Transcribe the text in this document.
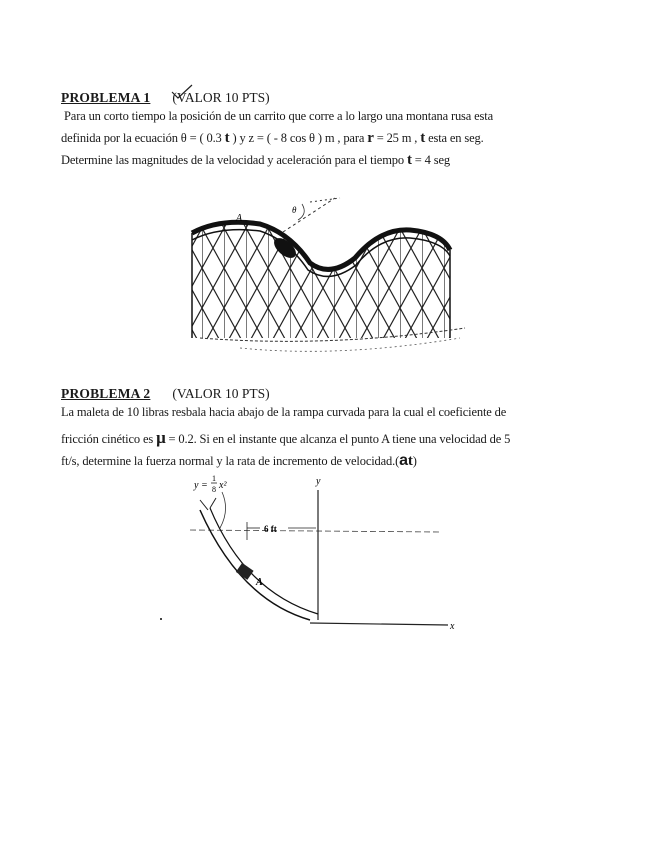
PROBLEMA 1 (VALOR 10 PTS)
Para un corto tiempo la posición de un carrito que corre a lo largo una montana rusa esta
definida por la ecuación θ = ( 0.3 t ) y z = ( - 8 cos θ ) m , para r = 25 m , t esta en seg.
Determine las magnitudes de la velocidad y aceleración para el tiempo t = 4 seg
A
θ
PROBLEMA 2 (VALOR 10 PTS)
La maleta de 10 libras resbala hacia abajo de la rampa curvada para la cual el coeficiente de
fricción cinético es μ = 0.2. Si en el instante que alcanza el punto A tiene una velocidad de 5
ft/s, determine la fuerza normal y la rata de incremento de velocidad.(at)
y =
1
8 x²	y
x
6 ft
A
